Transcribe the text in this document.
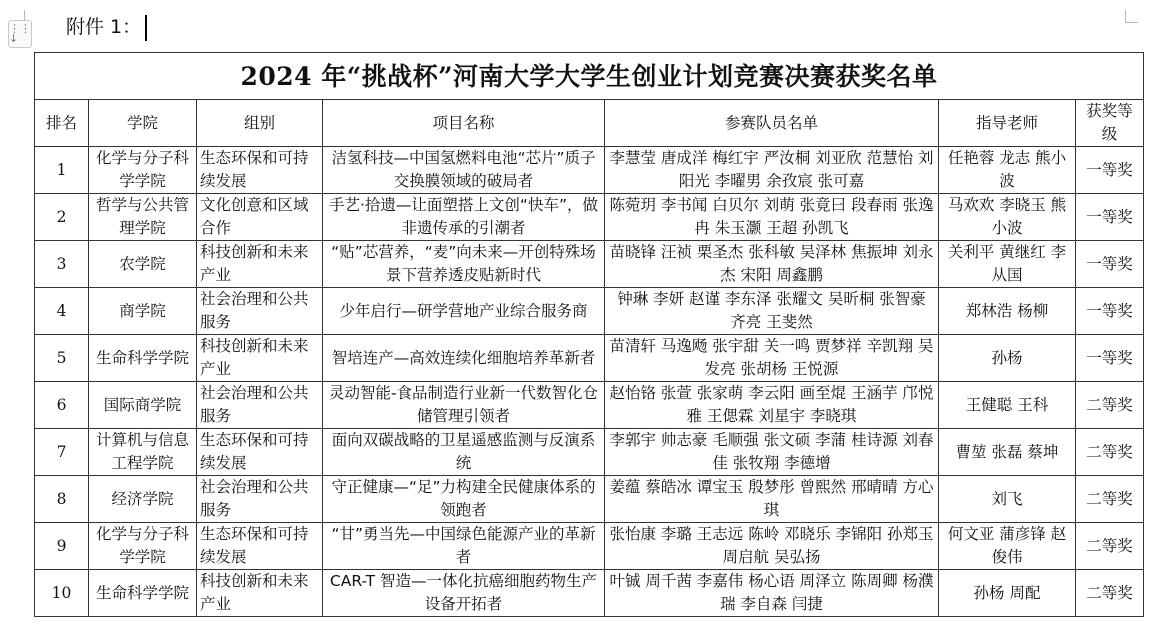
⋮⋮
↓
附件 1：
2024 年“挑战杯”河南大学大学生创业计划竞赛决赛获奖名单						
排名	学院	组别	项目名称	参赛队员名单	指导老师	获奖等级
1	化学与分子科学学院	生态环保和可持续发展	洁氢科技—中国氢燃料电池“芯片”质子交换膜领域的破局者	李慧莹 唐成洋 梅红宇 严汝桐 刘亚欣 范慧怡 刘阳光 李曜男 余孜宸 张可嘉	任艳蓉 龙志 熊小波	一等奖
2	哲学与公共管理学院	文化创意和区域合作	手艺·拾遗—让面塑搭上文创“快车”，做非遗传承的引潮者	陈菀玥 李书闻 白贝尔 刘萌 张竟曰 段春雨 张逸冉 朱玉灏 王超 孙凯飞	马欢欢 李晓玉 熊小波	一等奖
3	农学院	科技创新和未来产业	“贴”芯营养，“麦”向未来—开创特殊场景下营养透皮贴新时代	苗晓锋 汪祯 栗圣杰 张科敏 吴泽林 焦振坤 刘永杰 宋阳 周鑫鹏	关利平 黄继红 李从国	一等奖
4	商学院	社会治理和公共服务	少年启行—研学营地产业综合服务商	钟琳 李妍 赵谨 李东泽 张耀文 吴昕桐 张智豪 齐亮 王斐然	郑林浩 杨柳	一等奖
5	生命科学学院	科技创新和未来产业	智培连产—高效连续化细胞培养革新者	苗清轩 马逸飏 张宇甜 关一鸣 贾梦祥 辛凯翔 吴发亮 张胡杨 王悦源	孙杨	一等奖
6	国际商学院	社会治理和公共服务	灵动智能-食品制造行业新一代数智化仓储管理引领者	赵怡铬 张萱 张家萌 李云阳 画至焜 王涵芋 邝悦雅 王偲霖 刘星宇 李晓琪	王健聪 王科	二等奖
7	计算机与信息工程学院	生态环保和可持续发展	面向双碳战略的卫星遥感监测与反演系统	李郭宇 帅志豪 毛顺强 张文硕 李蒲 桂诗源 刘春佳 张牧翔 李德增	曹堃 张磊 蔡坤	二等奖
8	经济学院	社会治理和公共服务	守正健康—“足”力构建全民健康体系的领跑者	姜蕴 蔡皓冰 谭宝玉 殷梦彤 曾熙然 邢晴晴 方心琪	刘飞	二等奖
9	化学与分子科学学院	生态环保和可持续发展	“甘”勇当先—中国绿色能源产业的革新者	张怡康 李璐 王志远 陈岭 邓晓乐 李锦阳 孙郑玉 周启航 吴弘扬	何文亚 蒲彦锋 赵俊伟	二等奖
10	生命科学学院	科技创新和未来产业	CAR-T 智造—一体化抗癌细胞药物生产设备开拓者	叶铖 周千茜 李嘉伟 杨心语 周泽立 陈周卿 杨濮瑞 李自森 闫捷	孙杨 周配	二等奖
